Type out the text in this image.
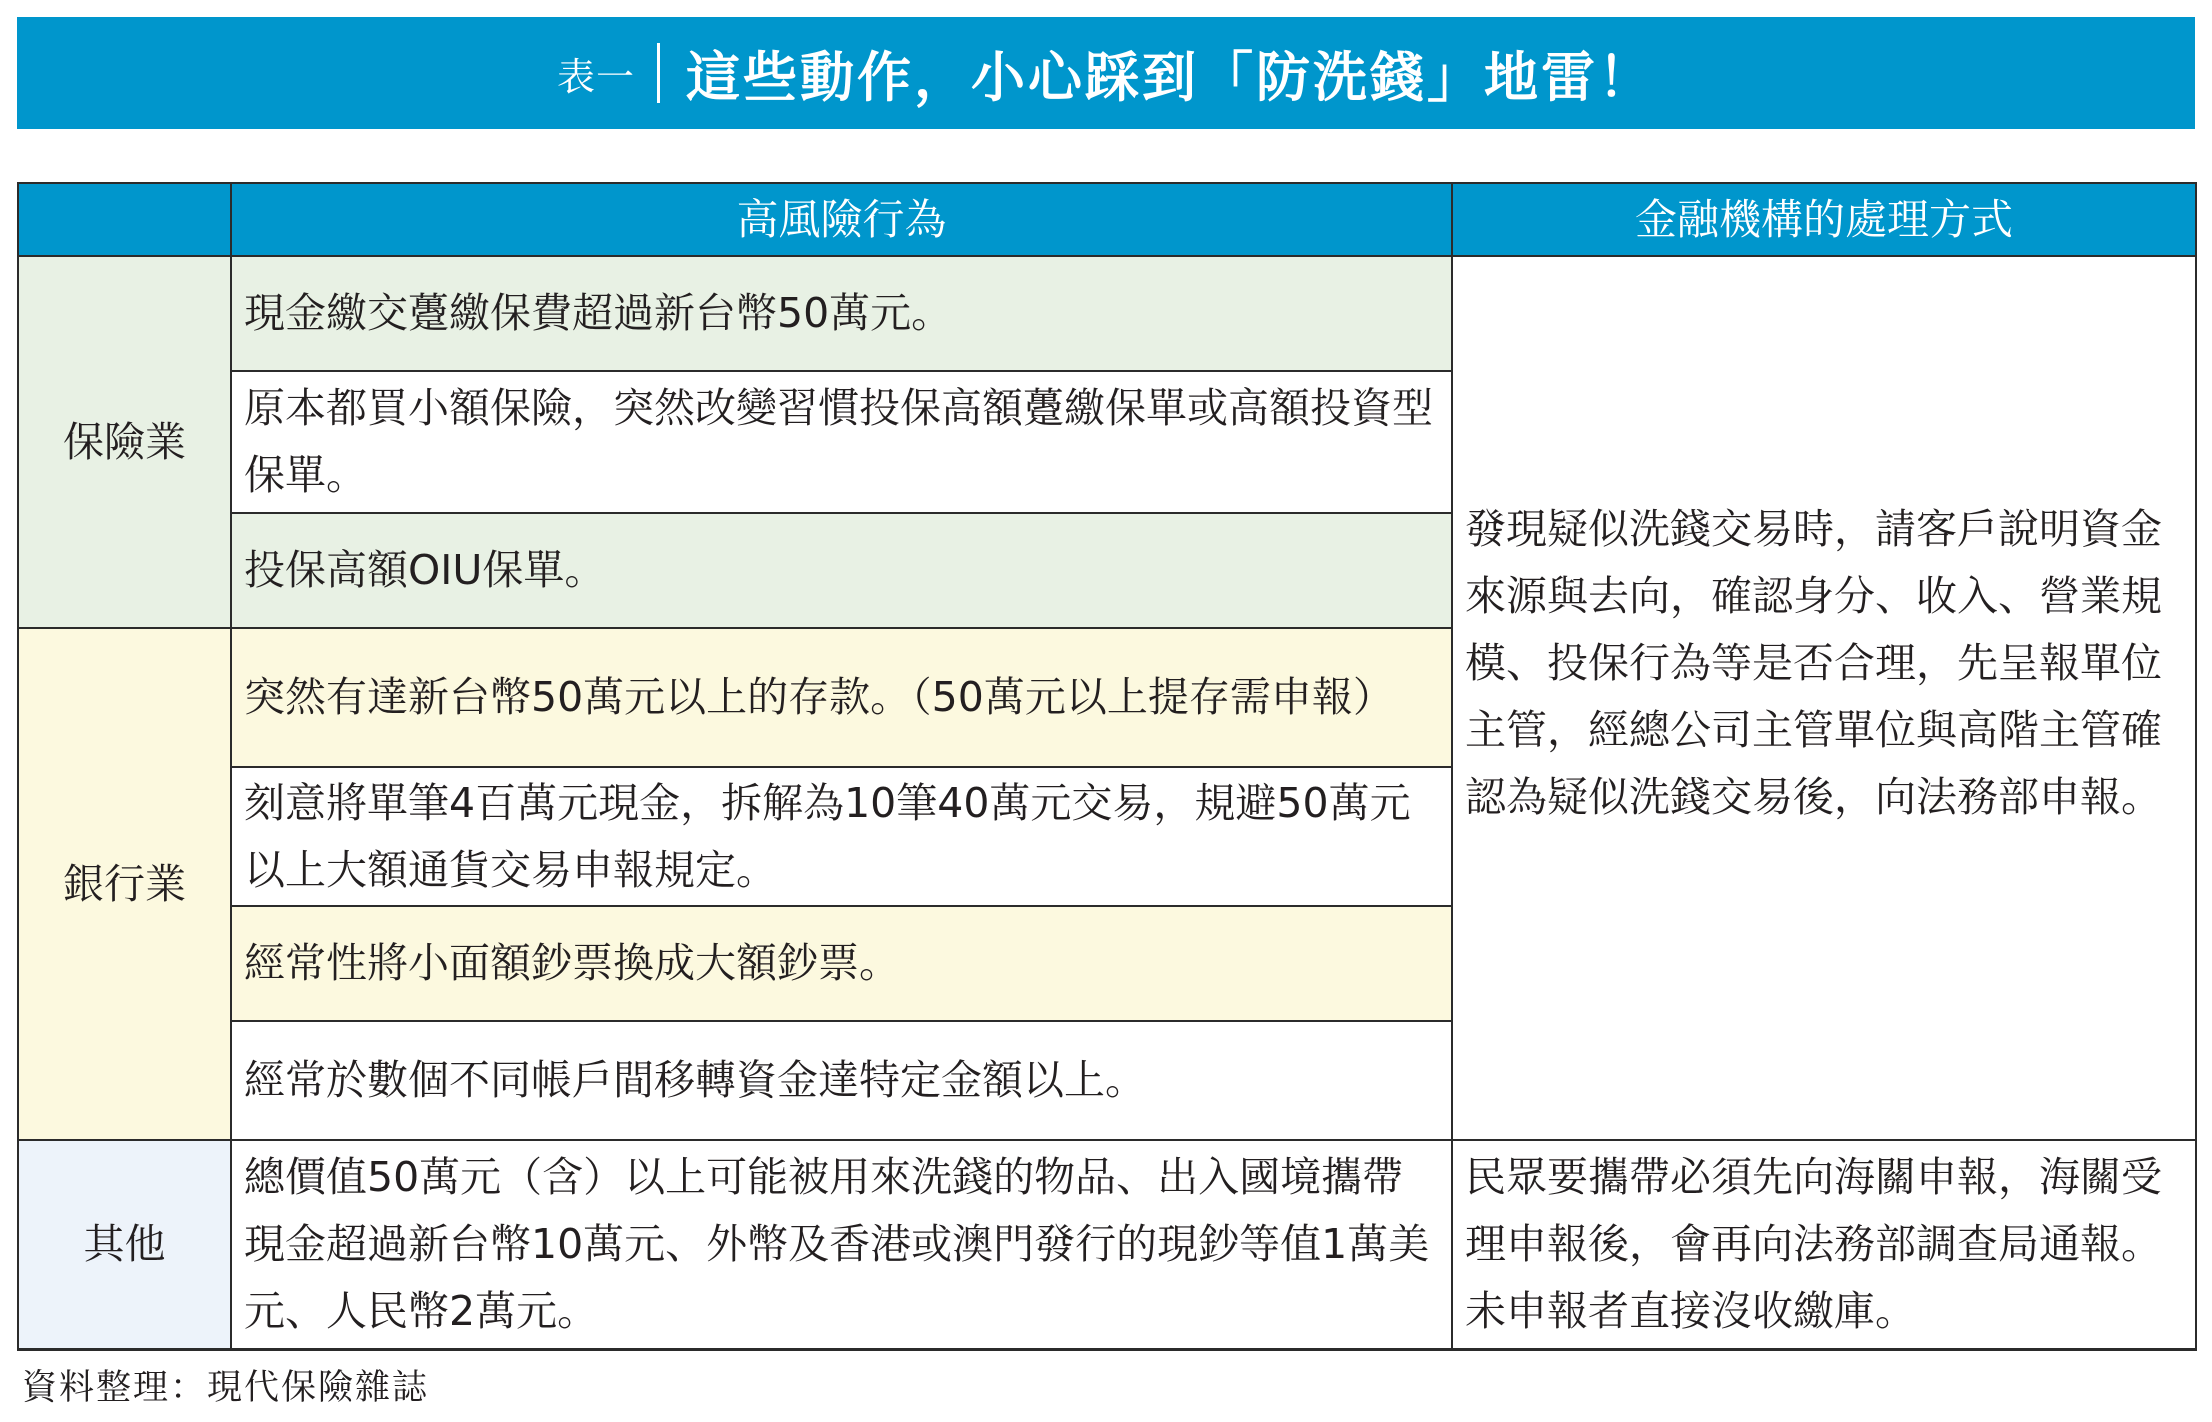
表一 這些動作，小心踩到「防洗錢」地雷！
	高風險行為	金融機構的處理方式
保險業	現金繳交躉繳保費超過新台幣50萬元。	發現疑似洗錢交易時，請客戶說明資金來源與去向，確認身分、收入、營業規模、投保行為等是否合理，先呈報單位主管，經總公司主管單位與高階主管確認為疑似洗錢交易後，向法務部申報。
	原本都買小額保險，突然改變習慣投保高額躉繳保單或高額投資型保單。	
	投保高額OIU保單。	
銀行業	突然有達新台幣50萬元以上的存款。（50萬元以上提存需申報）	
	刻意將單筆4百萬元現金，拆解為10筆40萬元交易，規避50萬元以上大額通貨交易申報規定。	
	經常性將小面額鈔票換成大額鈔票。	
	經常於數個不同帳戶間移轉資金達特定金額以上。	
其他	總價值50萬元（含）以上可能被用來洗錢的物品、出入國境攜帶現金超過新台幣10萬元、外幣及香港或澳門發行的現鈔等值1萬美元、人民幣2萬元。	民眾要攜帶必須先向海關申報，海關受理申報後，會再向法務部調查局通報。未申報者直接沒收繳庫。
資料整理：現代保險雜誌
